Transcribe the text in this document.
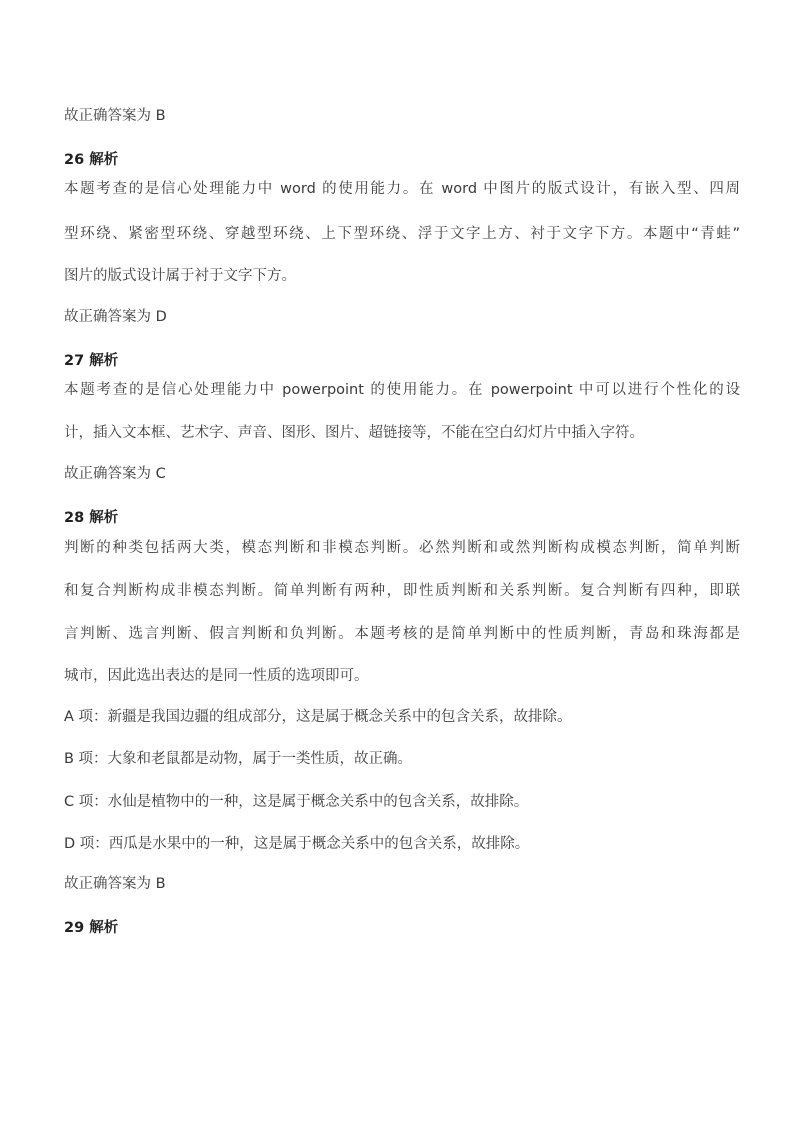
故正确答案为 B
26 解析
本题考查的是信心处理能力中 word 的使用能力。在 word 中图片的版式设计，有嵌入型、四周
型环绕、紧密型环绕、穿越型环绕、上下型环绕、浮于文字上方、衬于文字下方。本题中“青蛙”
图片的版式设计属于衬于文字下方。
故正确答案为 D
27 解析
本题考查的是信心处理能力中 powerpoint 的使用能力。在 powerpoint 中可以进行个性化的设
计，插入文本框、艺术字、声音、图形、图片、超链接等，不能在空白幻灯片中插入字符。
故正确答案为 C
28 解析
判断的种类包括两大类，模态判断和非模态判断。必然判断和或然判断构成模态判断，简单判断
和复合判断构成非模态判断。简单判断有两种，即性质判断和关系判断。复合判断有四种，即联
言判断、选言判断、假言判断和负判断。本题考核的是简单判断中的性质判断，青岛和珠海都是
城市，因此选出表达的是同一性质的选项即可。
A 项：新疆是我国边疆的组成部分，这是属于概念关系中的包含关系，故排除。
B 项：大象和老鼠都是动物，属于一类性质，故正确。
C 项：水仙是植物中的一种，这是属于概念关系中的包含关系，故排除。
D 项：西瓜是水果中的一种，这是属于概念关系中的包含关系，故排除。
故正确答案为 B
29 解析
